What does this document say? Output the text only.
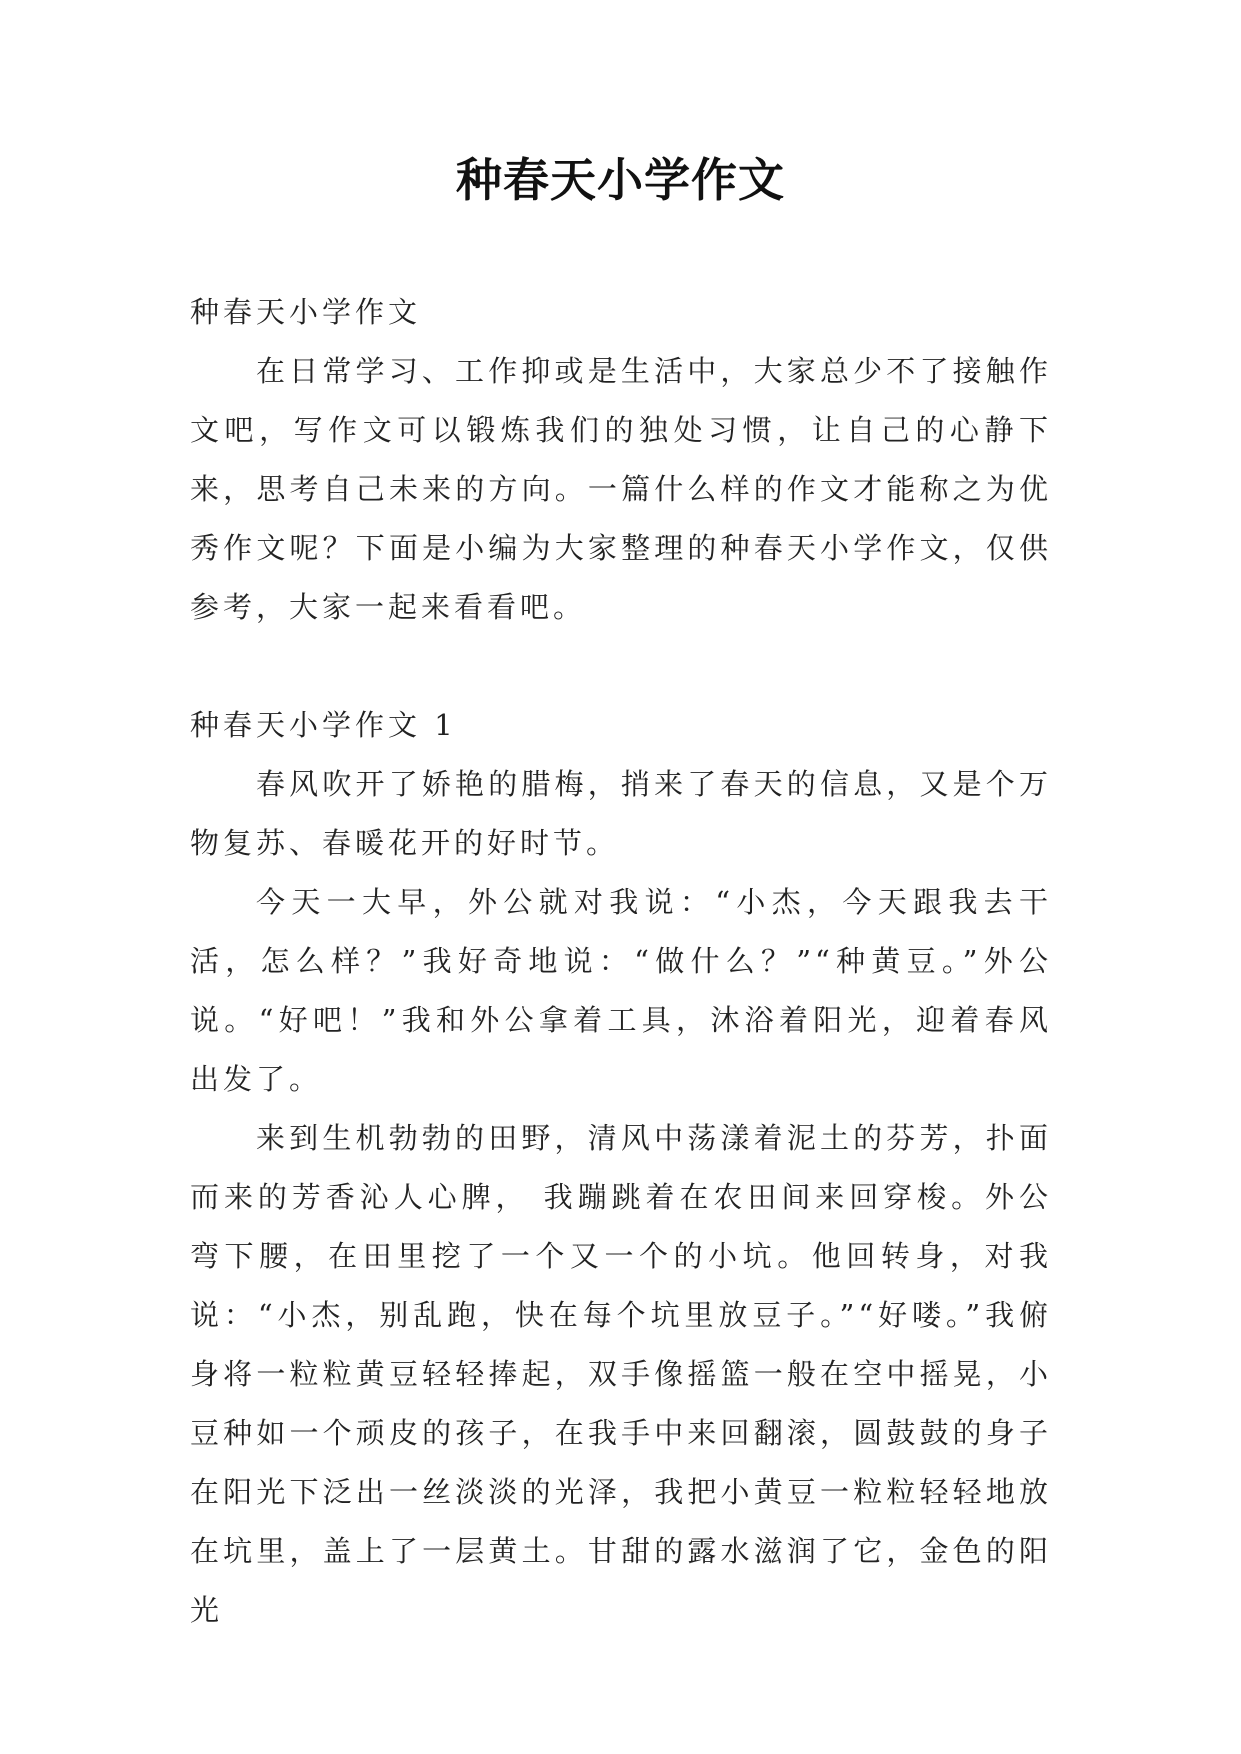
种春天小学作文

种春天小学作文

在日常学习、工作抑或是生活中，大家总少不了接触作文吧，写作文可以锻炼我们的独处习惯，让自己的心静下来，思考自己未来的方向。一篇什么样的作文才能称之为优秀作文呢？下面是小编为大家整理的种春天小学作文，仅供参考，大家一起来看看吧。

种春天小学作文 1

春风吹开了娇艳的腊梅，捎来了春天的信息，又是个万物复苏、春暖花开的好时节。

今天一大早，外公就对我说：“小杰，今天跟我去干活，怎么样？”我好奇地说：“做什么？”“种黄豆。”外公说。“好吧！”我和外公拿着工具，沐浴着阳光，迎着春风出发了。

来到生机勃勃的田野，清风中荡漾着泥土的芬芳，扑面而来的芳香沁人心脾， 我蹦跳着在农田间来回穿梭。外公弯下腰，在田里挖了一个又一个的小坑。他回转身，对我说：“小杰，别乱跑，快在每个坑里放豆子。”“好喽。”我俯身将一粒粒黄豆轻轻捧起，双手像摇篮一般在空中摇晃，小豆种如一个顽皮的孩子，在我手中来回翻滚，圆鼓鼓的身子在阳光下泛出一丝淡淡的光泽，我把小黄豆一粒粒轻轻地放在坑里，盖上了一层黄土。甘甜的露水滋润了它，金色的阳光
